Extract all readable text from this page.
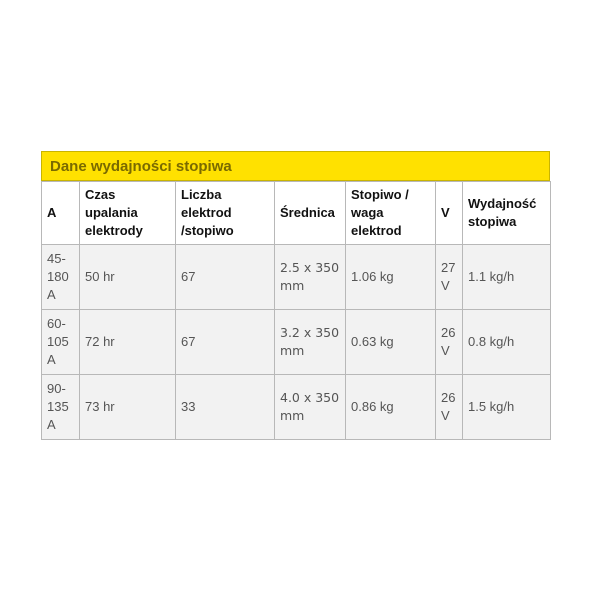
Dane wydajności stopiwa
A	Czas upalania elektrody	Liczba elektrod /stopiwo	Średnica	Stopiwo / waga elektrod	V	Wydajność stopiwa
45-180 A	50 hr	67	2.5 x 350 mm	1.06 kg	27 V	1.1 kg/h
60-105 A	72 hr	67	3.2 x 350 mm	0.63 kg	26 V	0.8 kg/h
90-135 A	73 hr	33	4.0 x 350 mm	0.86 kg	26 V	1.5 kg/h
